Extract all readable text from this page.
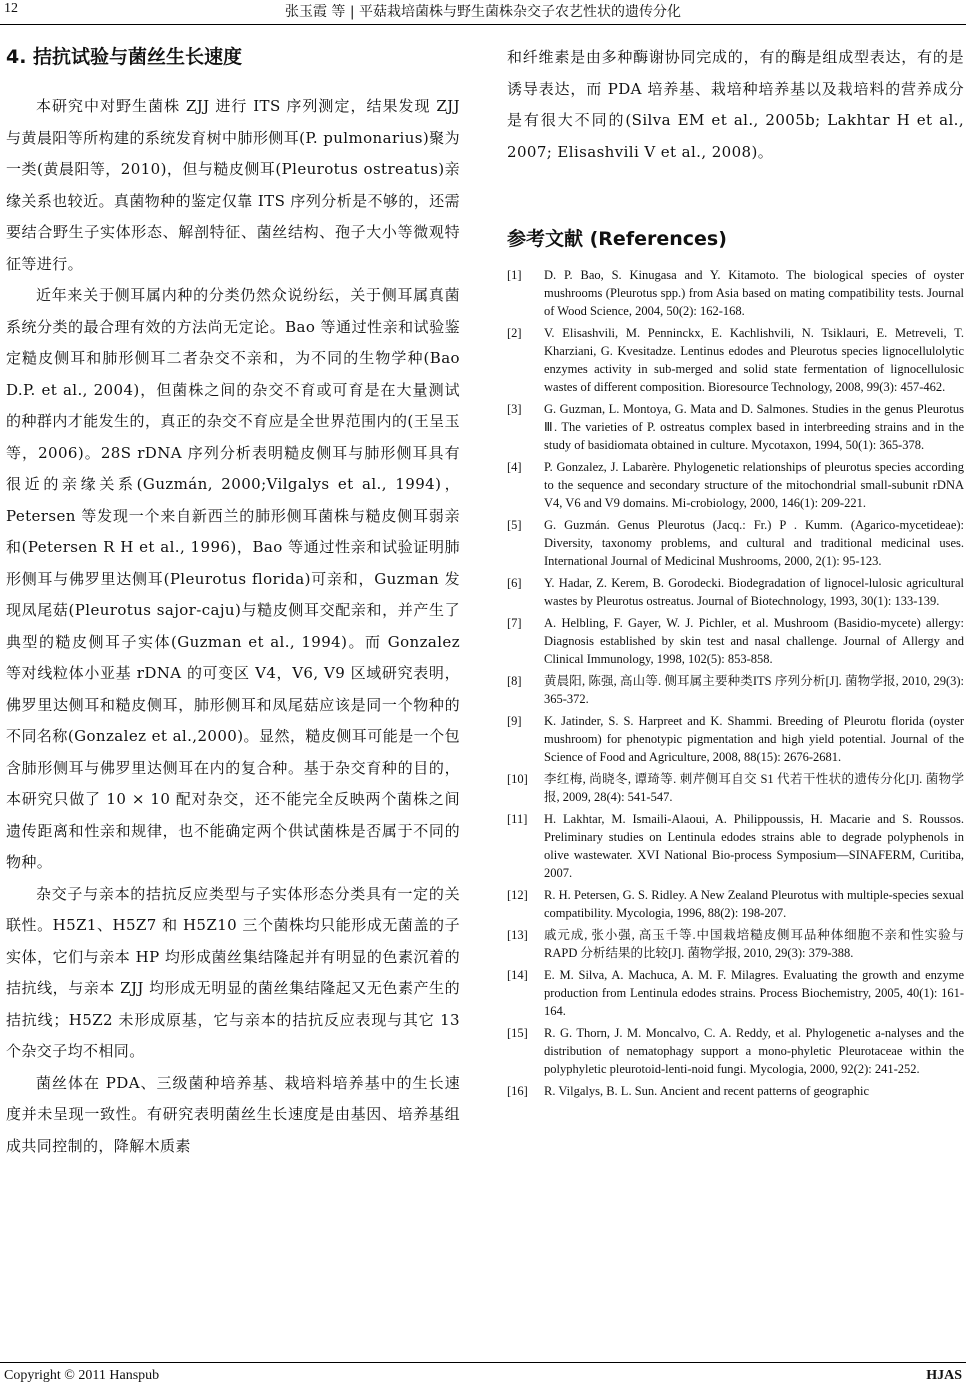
12	张玉霞 等 | 平菇栽培菌株与野生菌株杂交子农艺性状的遗传分化
4. 拮抗试验与菌丝生长速度

本研究中对野生菌株 ZJJ 进行 ITS 序列测定，结果发现 ZJJ 与黄晨阳等所构建的系统发育树中肺形侧耳(P. pulmonarius)聚为一类(黄晨阳等，2010)，但与糙皮侧耳(Pleurotus ostreatus)亲缘关系也较近。真菌物种的鉴定仅靠 ITS 序列分析是不够的，还需要结合野生子实体形态、解剖特征、菌丝结构、孢子大小等微观特征等进行。

近年来关于侧耳属内种的分类仍然众说纷纭，关于侧耳属真菌系统分类的最合理有效的方法尚无定论。Bao 等通过性亲和试验鉴定糙皮侧耳和肺形侧耳二者杂交不亲和，为不同的生物学种(Bao D.P. et al., 2004)，但菌株之间的杂交不育或可育是在大量测试的种群内才能发生的，真正的杂交不育应是全世界范围内的(王呈玉等，2006)。28S rDNA 序列分析表明糙皮侧耳与肺形侧耳具有很近的亲缘关系(Guzmán, 2000;Vilgalys et al., 1994)，Petersen 等发现一个来自新西兰的肺形侧耳菌株与糙皮侧耳弱亲和(Petersen R H et al., 1996)，Bao 等通过性亲和试验证明肺形侧耳与佛罗里达侧耳(Pleurotus florida)可亲和，Guzman 发现凤尾菇(Pleurotus sajor-caju)与糙皮侧耳交配亲和，并产生了典型的糙皮侧耳子实体(Guzman et al., 1994)。而 Gonzalez 等对线粒体小亚基 rDNA 的可变区 V4，V6, V9 区域研究表明，佛罗里达侧耳和糙皮侧耳，肺形侧耳和凤尾菇应该是同一个物种的不同名称(Gonzalez et al.,2000)。显然，糙皮侧耳可能是一个包含肺形侧耳与佛罗里达侧耳在内的复合种。基于杂交育种的目的，本研究只做了 10 × 10 配对杂交，还不能完全反映两个菌株之间遗传距离和性亲和规律，也不能确定两个供试菌株是否属于不同的物种。

杂交子与亲本的拮抗反应类型与子实体形态分类具有一定的关联性。H5Z1、H5Z7 和 H5Z10 三个菌株均只能形成无菌盖的子实体，它们与亲本 HP 均形成菌丝集结隆起并有明显的色素沉着的拮抗线，与亲本 ZJJ 均形成无明显的菌丝集结隆起又无色素产生的拮抗线；H5Z2 未形成原基，它与亲本的拮抗反应表现与其它 13 个杂交子均不相同。

菌丝体在 PDA、三级菌种培养基、栽培料培养基中的生长速度并未呈现一致性。有研究表明菌丝生长速度是由基因、培养基组成共同控制的，降解木质素

和纤维素是由多种酶谢协同完成的，有的酶是组成型表达，有的是诱导表达，而 PDA 培养基、栽培种培养基以及栽培料的营养成分是有很大不同的(Silva EM et al., 2005b; Lakhtar H et al., 2007; Elisashvili V et al., 2008)。

参考文献 (References)
[1] D. P. Bao, S. Kinugasa and Y. Kitamoto. The biological species of oyster mushrooms (Pleurotus spp.) from Asia based on mating compatibility tests. Journal of Wood Science, 2004, 50(2): 162-168.

[2] V. Elisashvili, M. Penninckx, E. Kachlishvili, N. Tsiklauri, E. Metreveli, T. Kharziani, G. Kvesitadze. Lentinus edodes and Pleurotus species lignocellulolytic enzymes activity in sub-merged and solid state fermentation of lignocellulosic wastes of different composition. Bioresource Technology, 2008, 99(3): 457-462.

[3] G. Guzman, L. Montoya, G. Mata and D. Salmones. Studies in the genus Pleurotus Ⅲ. The varieties of P. ostreatus complex based in interbreeding strains and in the study of basidiomata obtained in culture. Mycotaxon, 1994, 50(1): 365-378.

[4] P. Gonzalez, J. Labarère. Phylogenetic relationships of pleurotus species according to the sequence and secondary structure of the mitochondrial small-subunit rDNA V4, V6 and V9 domains. Mi-crobiology, 2000, 146(1): 209-221.

[5] G. Guzmán. Genus Pleurotus (Jacq.: Fr.) P . Kumm. (Agarico-mycetideae): Diversity, taxonomy problems, and cultural and traditional medicinal uses. International Journal of Medicinal Mushrooms, 2000, 2(1): 95-123.

[6] Y. Hadar, Z. Kerem, B. Gorodecki. Biodegradation of lignocel-lulosic agricultural wastes by Pleurotus ostreatus. Journal of Biotechnology, 1993, 30(1): 133-139.

[7] A. Helbling, F. Gayer, W. J. Pichler, et al. Mushroom (Basidio-mycete) allergy: Diagnosis established by skin test and nasal challenge. Journal of Allergy and Clinical Immunology, 1998, 102(5): 853-858.

[8] 黄晨阳, 陈强, 高山等. 侧耳属主要种类ITS 序列分析[J]. 菌物学报, 2010, 29(3): 365-372.

[9] K. Jatinder, S. S. Harpreet and K. Shammi. Breeding of Pleurotu florida (oyster mushroom) for phenotypic pigmentation and high yield potential. Journal of the Science of Food and Agriculture, 2008, 88(15): 2676-2681.

[10] 李红梅, 尚晓冬, 谭琦等. 刺芹侧耳自交 S1 代若干性状的遗传分化[J]. 菌物学报, 2009, 28(4): 541-547.

[11] H. Lakhtar, M. Ismaili-Alaoui, A. Philippoussis, H. Macarie and S. Roussos. Preliminary studies on Lentinula edodes strains able to degrade polyphenols in olive wastewater. XVI National Bio-process Symposium—SINAFERM, Curitiba, 2007.

[12] R. H. Petersen, G. S. Ridley. A New Zealand Pleurotus with multiple-species sexual compatibility. Mycologia, 1996, 88(2): 198-207.

[13] 戚元成, 张小强, 高玉千等.中国栽培糙皮侧耳品种体细胞不亲和性实验与 RAPD 分析结果的比较[J]. 菌物学报, 2010, 29(3): 379-388.

[14] E. M. Silva, A. Machuca, A. M. F. Milagres. Evaluating the growth and enzyme production from Lentinula edodes strains. Process Biochemistry, 2005, 40(1): 161-164.

[15] R. G. Thorn, J. M. Moncalvo, C. A. Reddy, et al. Phylogenetic a-nalyses and the distribution of nematophagy support a mono-phyletic Pleurotaceae within the polyphyletic pleurotoid-lenti-noid fungi. Mycologia, 2000, 92(2): 241-252.

[16] R. Vilgalys, B. L. Sun. Ancient and recent patterns of geographic

Copyright © 2011 Hanspub	HJAS
